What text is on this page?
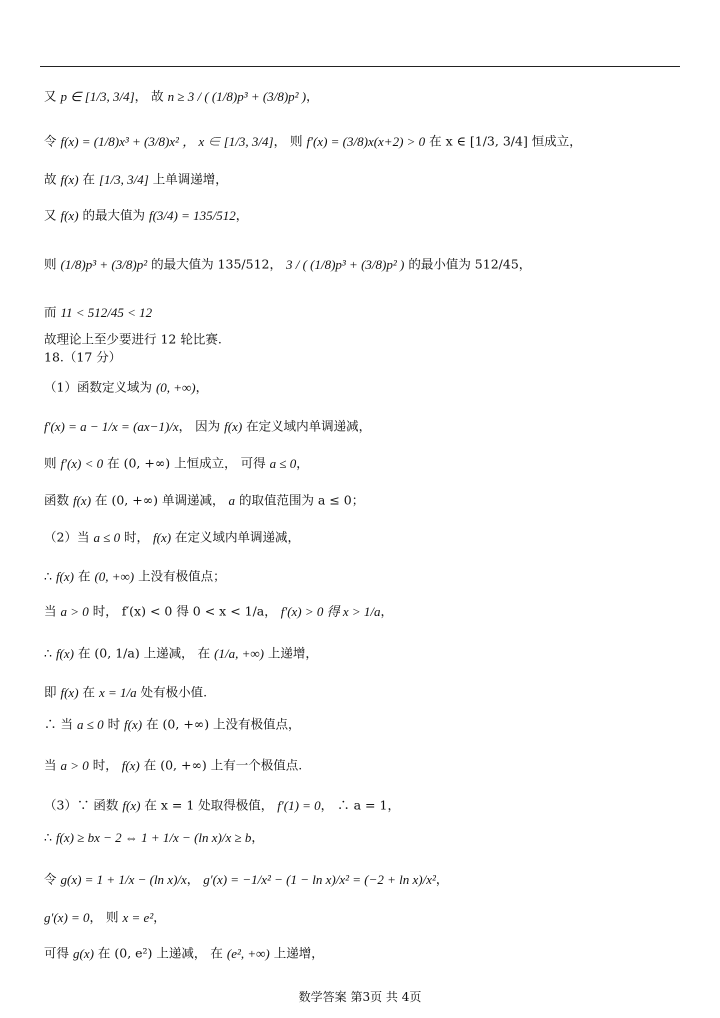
又 p ∈ [1/3, 3/4]， 故 n ≥ 3 / ( (1/8)p³ + (3/8)p² )，
令 f(x) = (1/8)x³ + (3/8)x² ， x ∈ [1/3, 3/4]， 则 f′(x) = (3/8)x(x+2) > 0 在 x ∈ [1/3, 3/4] 恒成立，
故 f(x) 在 [1/3, 3/4] 上单调递增，
又 f(x) 的最大值为 f(3/4) = 135/512，
则 (1/8)p³ + (3/8)p² 的最大值为 135/512， 3 / ( (1/8)p³ + (3/8)p² ) 的最小值为 512/45，
而 11 < 512/45 < 12
故理论上至少要进行 12 轮比赛.
18.（17 分）
（1）函数定义域为 (0, +∞)，
f′(x) = a − 1/x = (ax−1)/x， 因为 f(x) 在定义域内单调递减，
则 f′(x) < 0 在 (0, +∞) 上恒成立， 可得 a ≤ 0，
函数 f(x) 在 (0, +∞) 单调递减， a 的取值范围为 a ≤ 0；
（2）当 a ≤ 0 时， f(x) 在定义域内单调递减，
∴ f(x) 在 (0, +∞) 上没有极值点；
当 a > 0 时， f′(x) < 0 得 0 < x < 1/a， f′(x) > 0 得 x > 1/a，
∴ f(x) 在 (0, 1/a) 上递减， 在 (1/a, +∞) 上递增，
即 f(x) 在 x = 1/a 处有极小值.
∴ 当 a ≤ 0 时 f(x) 在 (0, +∞) 上没有极值点，
当 a > 0 时， f(x) 在 (0, +∞) 上有一个极值点.
（3）∵ 函数 f(x) 在 x = 1 处取得极值， f′(1) = 0， ∴ a = 1，
∴ f(x) ≥ bx − 2 ⇔ 1 + 1/x − (ln x)/x ≥ b，
令 g(x) = 1 + 1/x − (ln x)/x， g′(x) = −1/x² − (1 − ln x)/x² = (−2 + ln x)/x²，
g′(x) = 0， 则 x = e²，
可得 g(x) 在 (0, e²) 上递减， 在 (e², +∞) 上递增，
数学答案 第3页 共 4页
